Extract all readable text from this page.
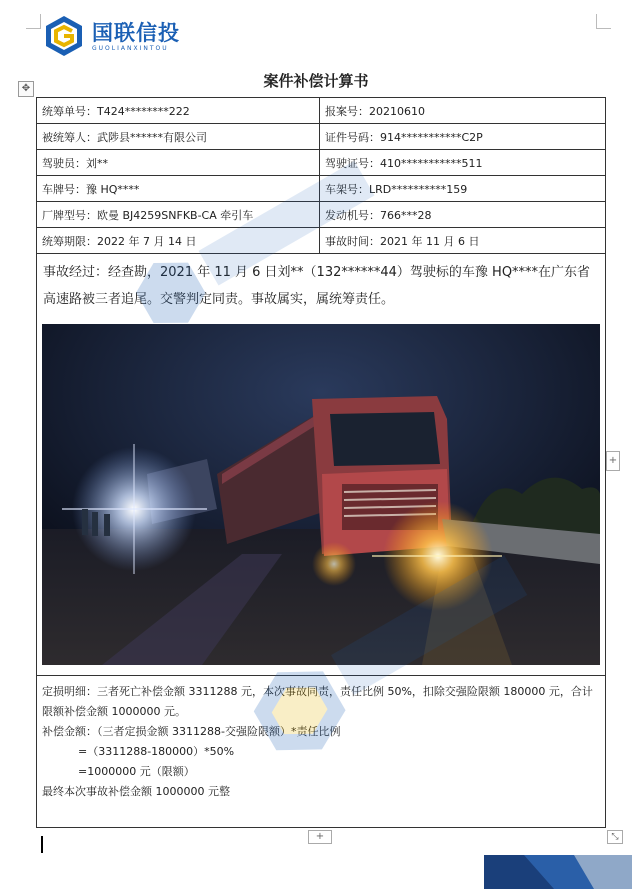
国联信投
GUOLIANXINTOU
✥	案件补偿计算书
统筹单号：T424********222	报案号：20210610
被统筹人：武陟县******有限公司	证件号码：914***********C2P
驾驶员：刘**	驾驶证号：410***********511
车牌号：豫 HQ****	车架号：LRD**********159
厂牌型号：欧曼 BJ4259SNFKB-CA 牵引车	发动机号：766***28
统筹期限：2022 年 7 月 14 日	事故时间：2021 年 11 月 6 日
事故经过：经查勘，2021 年 11 月 6 日刘**（132******44）驾驶标的车豫 HQ****在广东省高速路被三者追尾。交警判定同责。事故属实，属统筹责任。

定损明细：三者死亡补偿金额 3311288 元，本次事故同责，责任比例 50%，扣除交强险限额 180000 元，合计限额补偿金额 1000000 元。

补偿金额：（三者定损金额 3311288-交强险限额）*责任比例

=（3311288-180000）*50%

=1000000 元（限额）

最终本次事故补偿金额 1000000 元整

+
+	⤡
